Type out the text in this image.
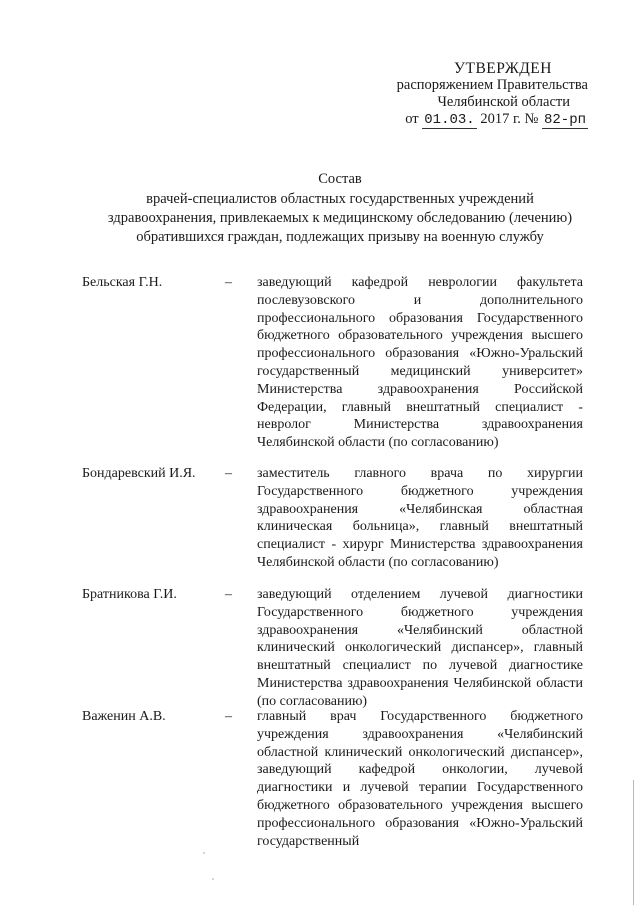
УТВЕРЖДЕН
распоряжением Правительства
Челябинской области
от 01.03. 2017 г. № 82-рп
Состав
врачей-специалистов областных государственных учреждений
здравоохранения, привлекаемых к медицинскому обследованию (лечению)
обратившихся граждан, подлежащих призыву на военную службу
Бельская Г.Н.	– заведующий кафедрой неврологии факультета послевузовского и дополнительного профессионального образования Государственного бюджетного образовательного учреждения высшего профессионального образования «Южно-Уральский государственный медицинский университет» Министерства здравоохранения Российской Федерации, главный внештатный специалист - невролог Министерства здравоохранения Челябинской области (по согласованию)
Бондаревский И.Я. – заместитель главного врача по хирургии Государственного бюджетного учреждения здравоохранения «Челябинская областная клиническая больница», главный внештатный специалист - хирург Министерства здравоохранения Челябинской области (по согласованию)
Братникова Г.И.	– заведующий отделением лучевой диагностики Государственного бюджетного учреждения здравоохранения «Челябинский областной клинический онкологический диспансер», главный внештатный специалист по лучевой диагностике Министерства здравоохранения Челябинской области (по согласованию)
Важенин А.В.	– главный врач Государственного бюджетного учреждения здравоохранения «Челябинский областной клинический онкологический диспансер», заведующий кафедрой онкологии, лучевой диагностики и лучевой терапии Государственного бюджетного образовательного учреждения высшего профессионального образования «Южно-Уральский государственный
